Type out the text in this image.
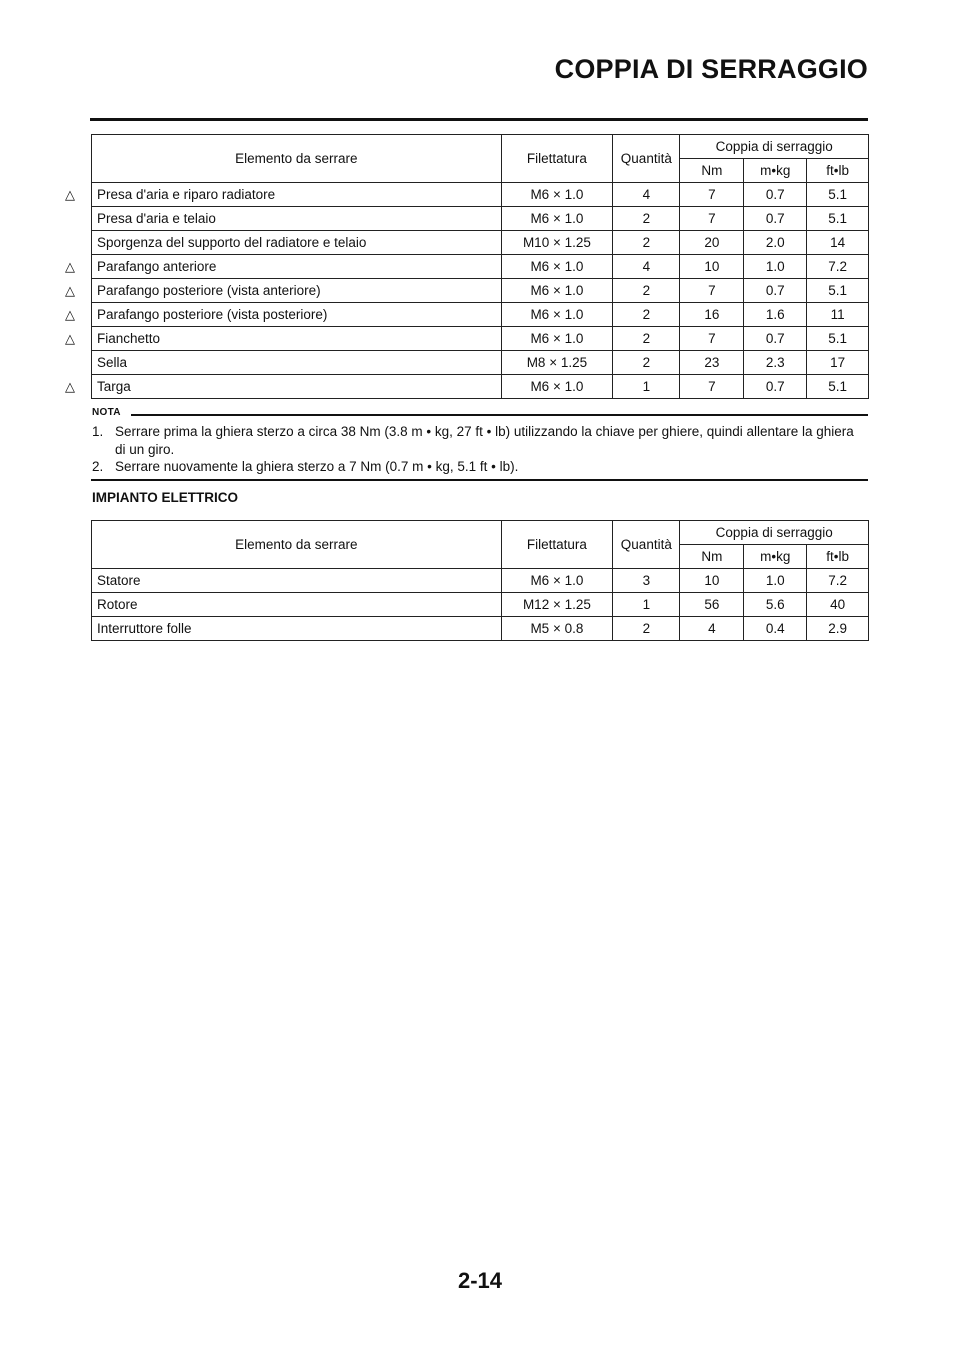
COPPIA DI SERRAGGIO
Elemento da serrare	Filettatura	Quantità	Coppia di serraggio		
			Nm	m•kg	ft•lb
Presa d'aria e riparo radiatore	M6 × 1.0	4	7	0.7	5.1
Presa d'aria e telaio	M6 × 1.0	2	7	0.7	5.1
Sporgenza del supporto del radiatore e telaio	M10 × 1.25	2	20	2.0	14
Parafango anteriore	M6 × 1.0	4	10	1.0	7.2
Parafango posteriore (vista anteriore)	M6 × 1.0	2	7	0.7	5.1
Parafango posteriore (vista posteriore)	M6 × 1.0	2	16	1.6	11
Fianchetto	M6 × 1.0	2	7	0.7	5.1
Sella	M8 × 1.25	2	23	2.3	17
Targa	M6 × 1.0	1	7	0.7	5.1
△
△
△
△
△
△
NOTA
1. Serrare prima la ghiera sterzo a circa 38 Nm (3.8 m • kg, 27 ft • lb) utilizzando la chiave per ghiere, quindi allentare la ghiera di un giro.
2. Serrare nuovamente la ghiera sterzo a 7 Nm (0.7 m • kg, 5.1 ft • lb).
IMPIANTO ELETTRICO
Elemento da serrare	Filettatura	Quantità	Coppia di serraggio		
			Nm	m•kg	ft•lb
Statore	M6 × 1.0	3	10	1.0	7.2
Rotore	M12 × 1.25	1	56	5.6	40
Interruttore folle	M5 × 0.8	2	4	0.4	2.9
2-14
